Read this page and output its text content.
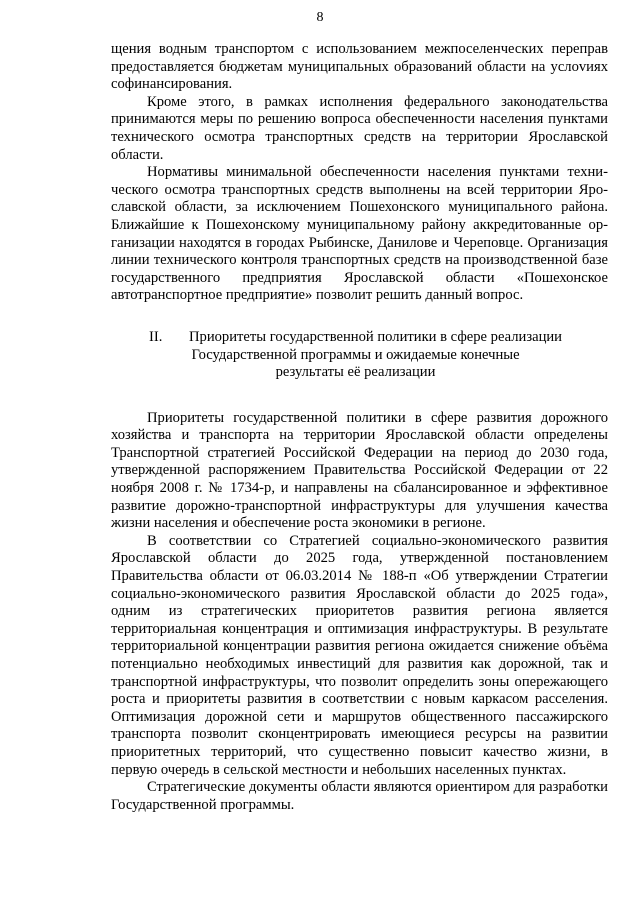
8

щения водным транспортом с использованием межпоселенческих переправ предоставляется бюджетам муниципальных образований области на услоvиях софинансирования.

Кроме этого, в рамках исполнения федерального законодательства принимаются меры по решению вопроса обеспеченности населения пунктами технического осмотра транспортных средств на территории Ярославской области.

Нормативы минимальной обеспеченности населения пунктами технического осмотра транспортных средств выполнены на всей территории Ярославской области, за исключением Пошехонского муниципального района. Ближайшие к Пошехонскому муниципальному району аккредитованные организации находятся в городах Рыбинске, Данилове и Череповце. Организация линии технического контроля транспортных средств на производственной базе государственного предприятия Ярославской области «Пошехонское автотранспортное предприятие» позволит решить данный вопрос.

II. Приоритеты государственной политики в сфере реализации
Государственной программы и ожидаемые конечные
результаты её реализации

Приоритеты государственной политики в сфере развития дорожного хозяйства и транспорта на территории Ярославской области определены Транспортной стратегией Российской Федерации на период до 2030 года, утвержденной распоряжением Правительства Российской Федерации от 22 ноября 2008 г. № 1734-р, и направлены на сбалансированное и эффективное развитие дорожно-транспортной инфраструктуры для улучшения качества жизни населения и обеспечение роста экономики в регионе.

В соответствии со Стратегией социально-экономического развития Ярославской области до 2025 года, утвержденной постановлением Правительства области от 06.03.2014 № 188-п «Об утверждении Стратегии социально-экономического развития Ярославской области до 2025 года», одним из стратегических приоритетов развития региона является территориальная концентрация и оптимизация инфраструктуры. В результате территориальной концентрации развития региона ожидается снижение объёма потенциально необходимых инвестиций для развития как дорожной, так и транспортной инфраструктуры, что позволит определить зоны опережающего роста и приоритеты развития в соответствии с новым каркасом расселения. Оптимизация дорожной сети и маршрутов общественного пассажирского транспорта позволит сконцентрировать имеющиеся ресурсы на развитии приоритетных территорий, что существенно повысит качество жизни, в первую очередь в сельской местности и небольших населенных пунктах.

Стратегические документы области являются ориентиром для разработки Государственной программы.
